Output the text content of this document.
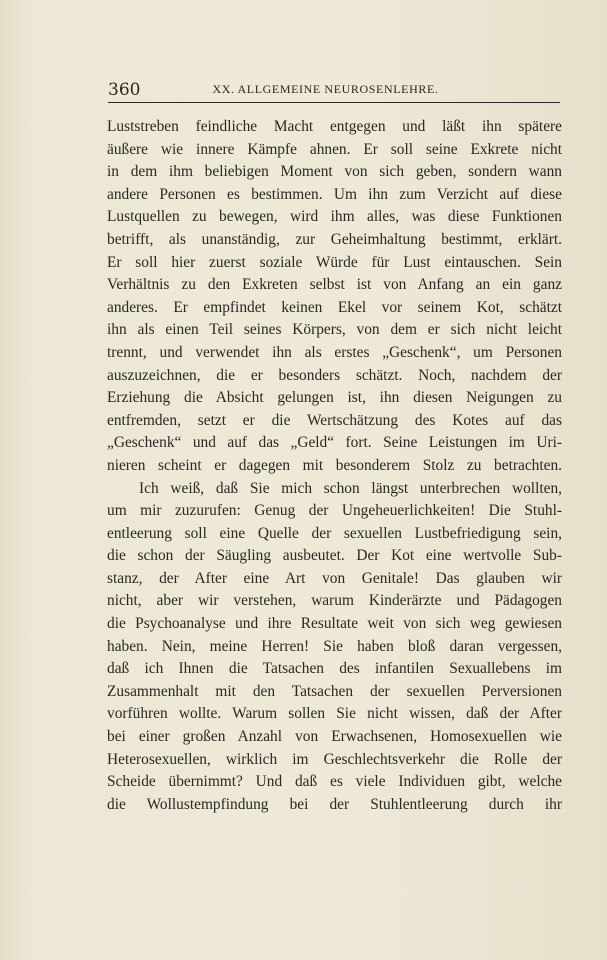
360	XX. ALLGEMEINE NEUROSENLEHRE.
Luststreben feindliche Macht entgegen und läßt ihn spätere
äußere wie innere Kämpfe ahnen. Er soll seine Exkrete nicht
in dem ihm beliebigen Moment von sich geben, sondern wann
andere Personen es bestimmen. Um ihn zum Verzicht auf diese
Lustquellen zu bewegen, wird ihm alles, was diese Funktionen
betrifft, als unanständig, zur Geheimhaltung bestimmt, erklärt.
Er soll hier zuerst soziale Würde für Lust eintauschen. Sein
Verhältnis zu den Exkreten selbst ist von Anfang an ein ganz
anderes. Er empfindet keinen Ekel vor seinem Kot, schätzt
ihn als einen Teil seines Körpers, von dem er sich nicht leicht
trennt, und verwendet ihn als erstes „Geschenk“, um Personen
auszuzeichnen, die er besonders schätzt. Noch, nachdem der
Erziehung die Absicht gelungen ist, ihn diesen Neigungen zu
entfremden, setzt er die Wertschätzung des Kotes auf das
„Geschenk“ und auf das „Geld“ fort. Seine Leistungen im Uri-
nieren scheint er dagegen mit besonderem Stolz zu betrachten.
Ich weiß, daß Sie mich schon längst unterbrechen wollten,
um mir zuzurufen: Genug der Ungeheuerlichkeiten! Die Stuhl-
entleerung soll eine Quelle der sexuellen Lustbefriedigung sein,
die schon der Säugling ausbeutet. Der Kot eine wertvolle Sub-
stanz, der After eine Art von Genitale! Das glauben wir
nicht, aber wir verstehen, warum Kinderärzte und Pädagogen
die Psychoanalyse und ihre Resultate weit von sich weg gewiesen
haben. Nein, meine Herren! Sie haben bloß daran vergessen,
daß ich Ihnen die Tatsachen des infantilen Sexuallebens im
Zusammenhalt mit den Tatsachen der sexuellen Perversionen
vorführen wollte. Warum sollen Sie nicht wissen, daß der After
bei einer großen Anzahl von Erwachsenen, Homosexuellen wie
Heterosexuellen, wirklich im Geschlechtsverkehr die Rolle der
Scheide übernimmt? Und daß es viele Individuen gibt, welche
die Wollustempfindung bei der Stuhlentleerung durch ihr
